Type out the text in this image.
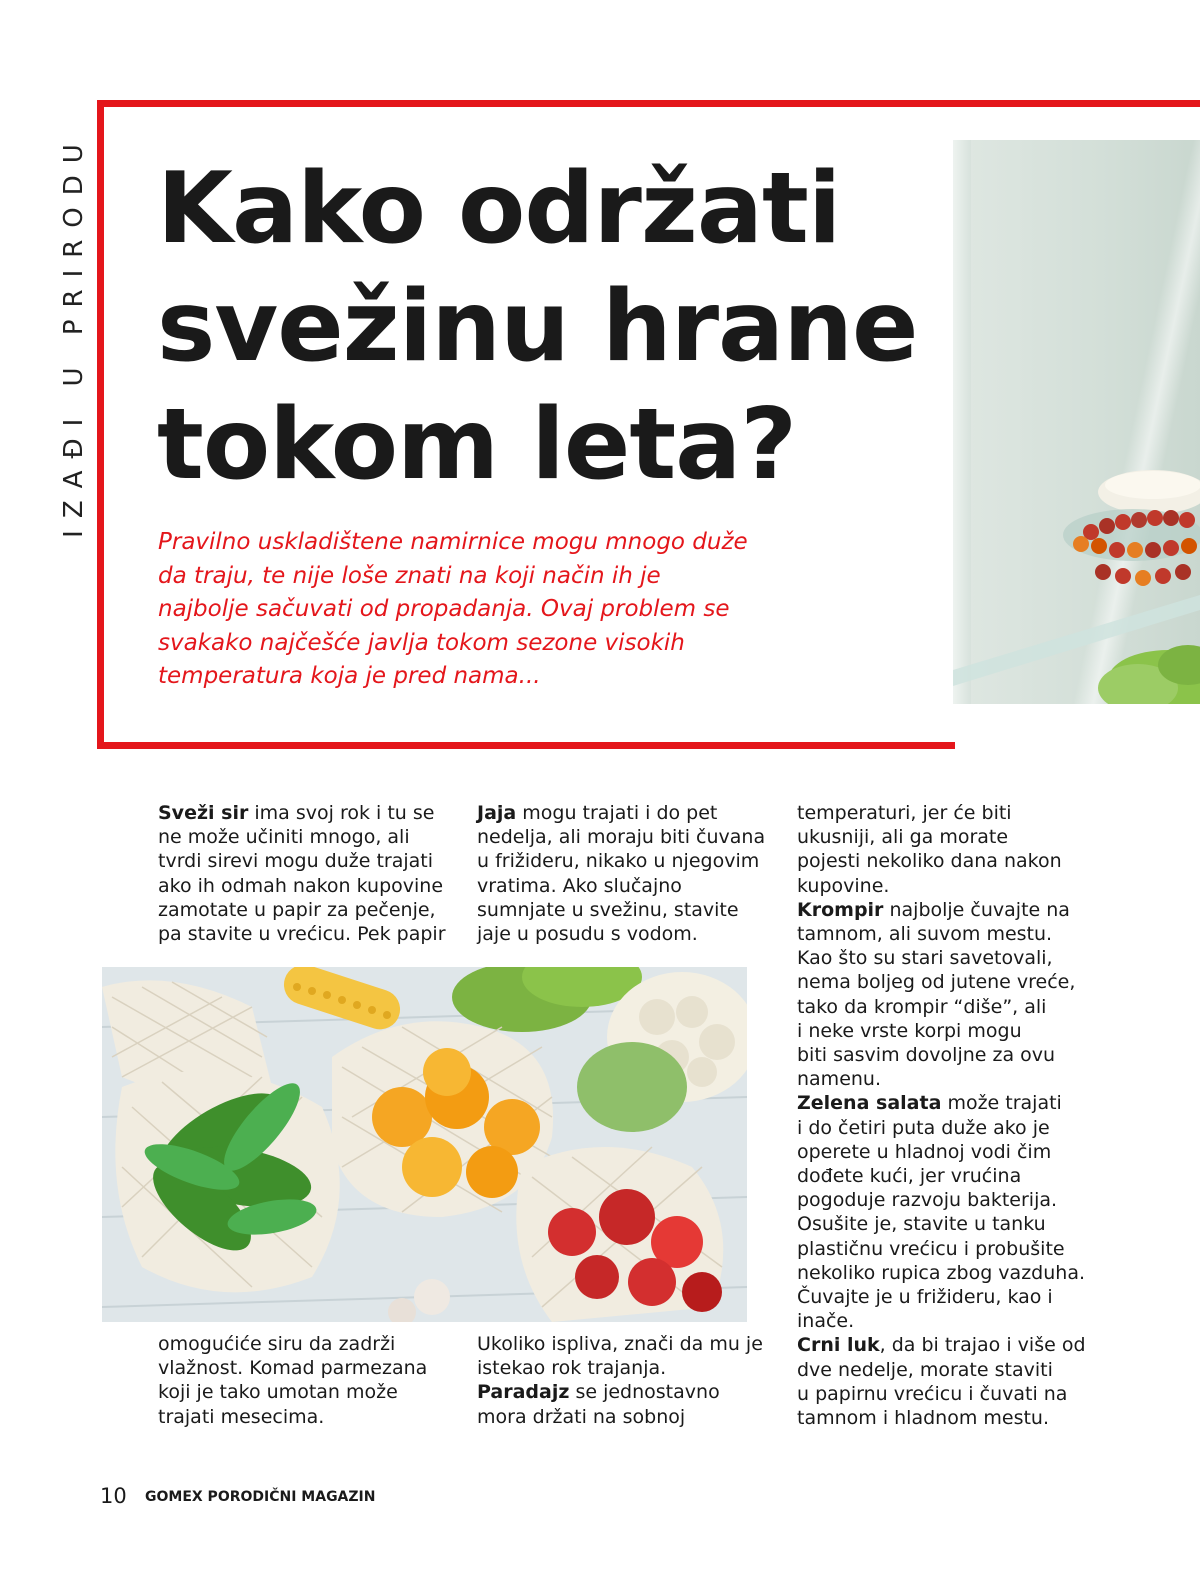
IZAĐI U PRIRODU Kako održati svežinu hrane tokom leta?

Pravilno uskladištene namirnice mogu mnogo duže da traju, te nije loše znati na koji način ih je najbolje sačuvati od propadanja. Ovaj problem se svakako najčešće javlja tokom sezone visokih temperatura koja je pred nama...

Sveži sir ima svoj rok i tu se
ne može učiniti mnogo, ali
tvrdi sirevi mogu duže trajati
ako ih odmah nakon kupovine
zamotate u papir za pečenje,
pa stavite u vrećicu. Pek papir
Jaja mogu trajati i do pet
nedelja, ali moraju biti čuvana
u frižideru, nikako u njegovim
vratima. Ako slučajno
sumnjate u svežinu, stavite
jaje u posudu s vodom.
temperaturi, jer će biti
ukusniji, ali ga morate
pojesti nekoliko dana nakon
kupovine.
Krompir najbolje čuvajte na
tamnom, ali suvom mestu.
Kao što su stari savetovali,
nema boljeg od jutene vreće,
tako da krompir “diše”, ali
i neke vrste korpi mogu
biti sasvim dovoljne za ovu
namenu.
Zelena salata može trajati
i do četiri puta duže ako je
operete u hladnoj vodi čim
dođete kući, jer vrućina
pogoduje razvoju bakterija.
Osušite je, stavite u tanku
plastičnu vrećicu i probušite
nekoliko rupica zbog vazduha.
Čuvajte je u frižideru, kao i
inače.
Crni luk, da bi trajao i više od
dve nedelje, morate staviti
u papirnu vrećicu i čuvati na
tamnom i hladnom mestu.
omogućiće siru da zadrži
vlažnost. Komad parmezana
koji je tako umotan može
trajati mesecima.
Ukoliko ispliva, znači da mu je
istekao rok trajanja.
Paradajz se jednostavno
mora držati na sobnoj
10 GOMEX PORODIČNI MAGAZIN
